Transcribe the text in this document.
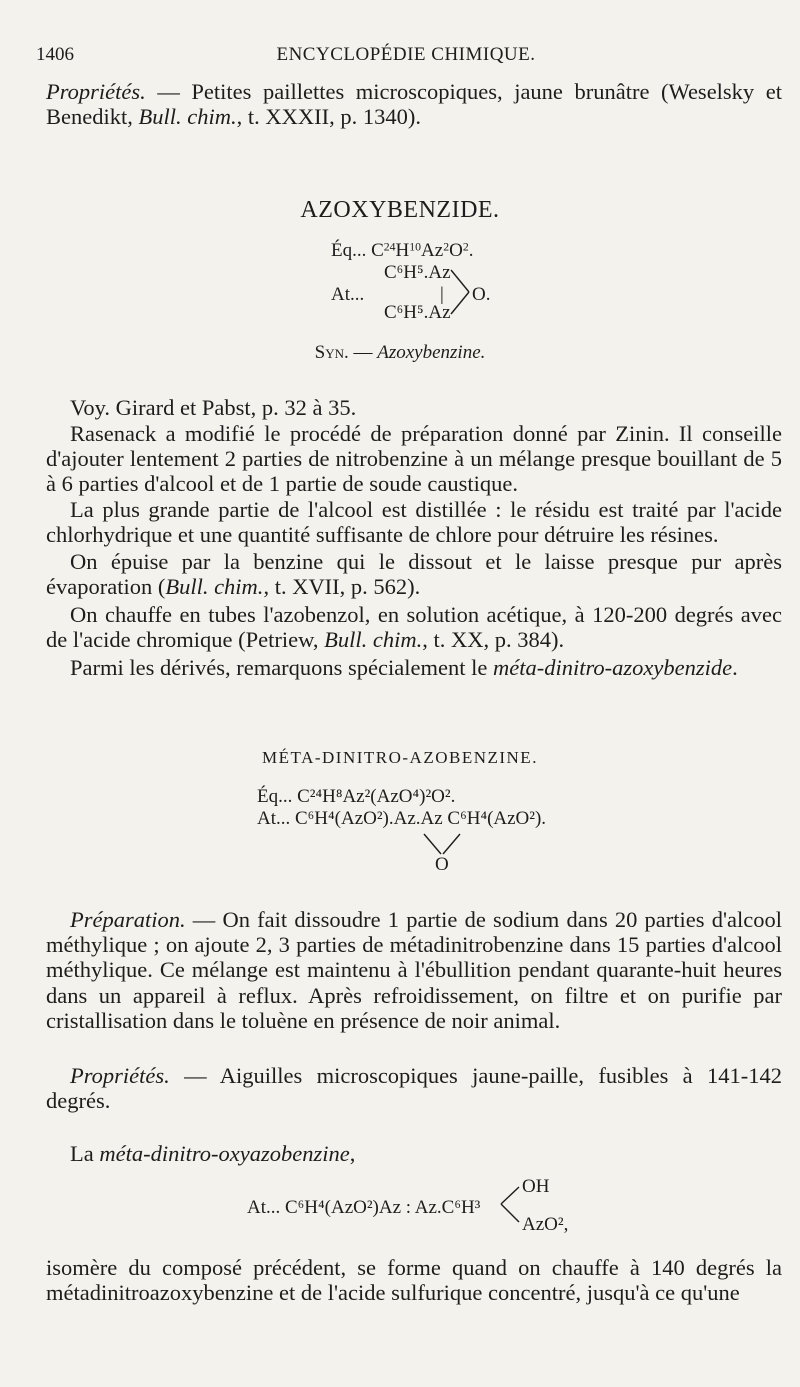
1406	ENCYCLOPÉDIE CHIMIQUE.
Propriétés. — Petites paillettes microscopiques, jaune brunâtre (Weselsky et Benedikt, Bull. chim., t. XXXII, p. 1340).
AZOXYBENZIDE.
Éq... $C^{24}H^{10}Az^2O^2$.
At...
C⁶H⁵.Az
|
C⁶H⁵.Az
O.
Syn. — Azoxybenzine.
Voy. Girard et Pabst, p. 32 à 35.
Rasenack a modifié le procédé de préparation donné par Zinin. Il conseille d'ajouter lentement 2 parties de nitrobenzine à un mélange presque bouillant de 5 à 6 parties d'alcool et de 1 partie de soude caustique.
La plus grande partie de l'alcool est distillée : le résidu est traité par l'acide chlorhydrique et une quantité suffisante de chlore pour détruire les résines.
On épuise par la benzine qui le dissout et le laisse presque pur après évaporation (Bull. chim., t. XVII, p. 562).
On chauffe en tubes l'azobenzol, en solution acétique, à 120-200 degrés avec de l'acide chromique (Petriew, Bull. chim., t. XX, p. 384).
Parmi les dérivés, remarquons spécialement le méta-dinitro-azoxybenzide.
MÉTA-DINITRO-AZOBENZINE.
Éq... C²⁴H⁸Az²(AzO⁴)²O².
At... C⁶H⁴(AzO²).Az.Az C⁶H⁴(AzO²).
O
Préparation. — On fait dissoudre 1 partie de sodium dans 20 parties d'alcool méthylique ; on ajoute 2, 3 parties de métadinitrobenzine dans 15 parties d'alcool méthylique. Ce mélange est maintenu à l'ébullition pendant quarante-huit heures dans un appareil à reflux. Après refroidissement, on filtre et on purifie par cristallisation dans le toluène en présence de noir animal.
Propriétés. — Aiguilles microscopiques jaune-paille, fusibles à 141-142 degrés.
La méta-dinitro-oxyazobenzine,
At... C⁶H⁴(AzO²)Az : Az.C⁶H³
OH
AzO²,
isomère du composé précédent, se forme quand on chauffe à 140 degrés la métadinitroazoxybenzine et de l'acide sulfurique concentré, jusqu'à ce qu'une
